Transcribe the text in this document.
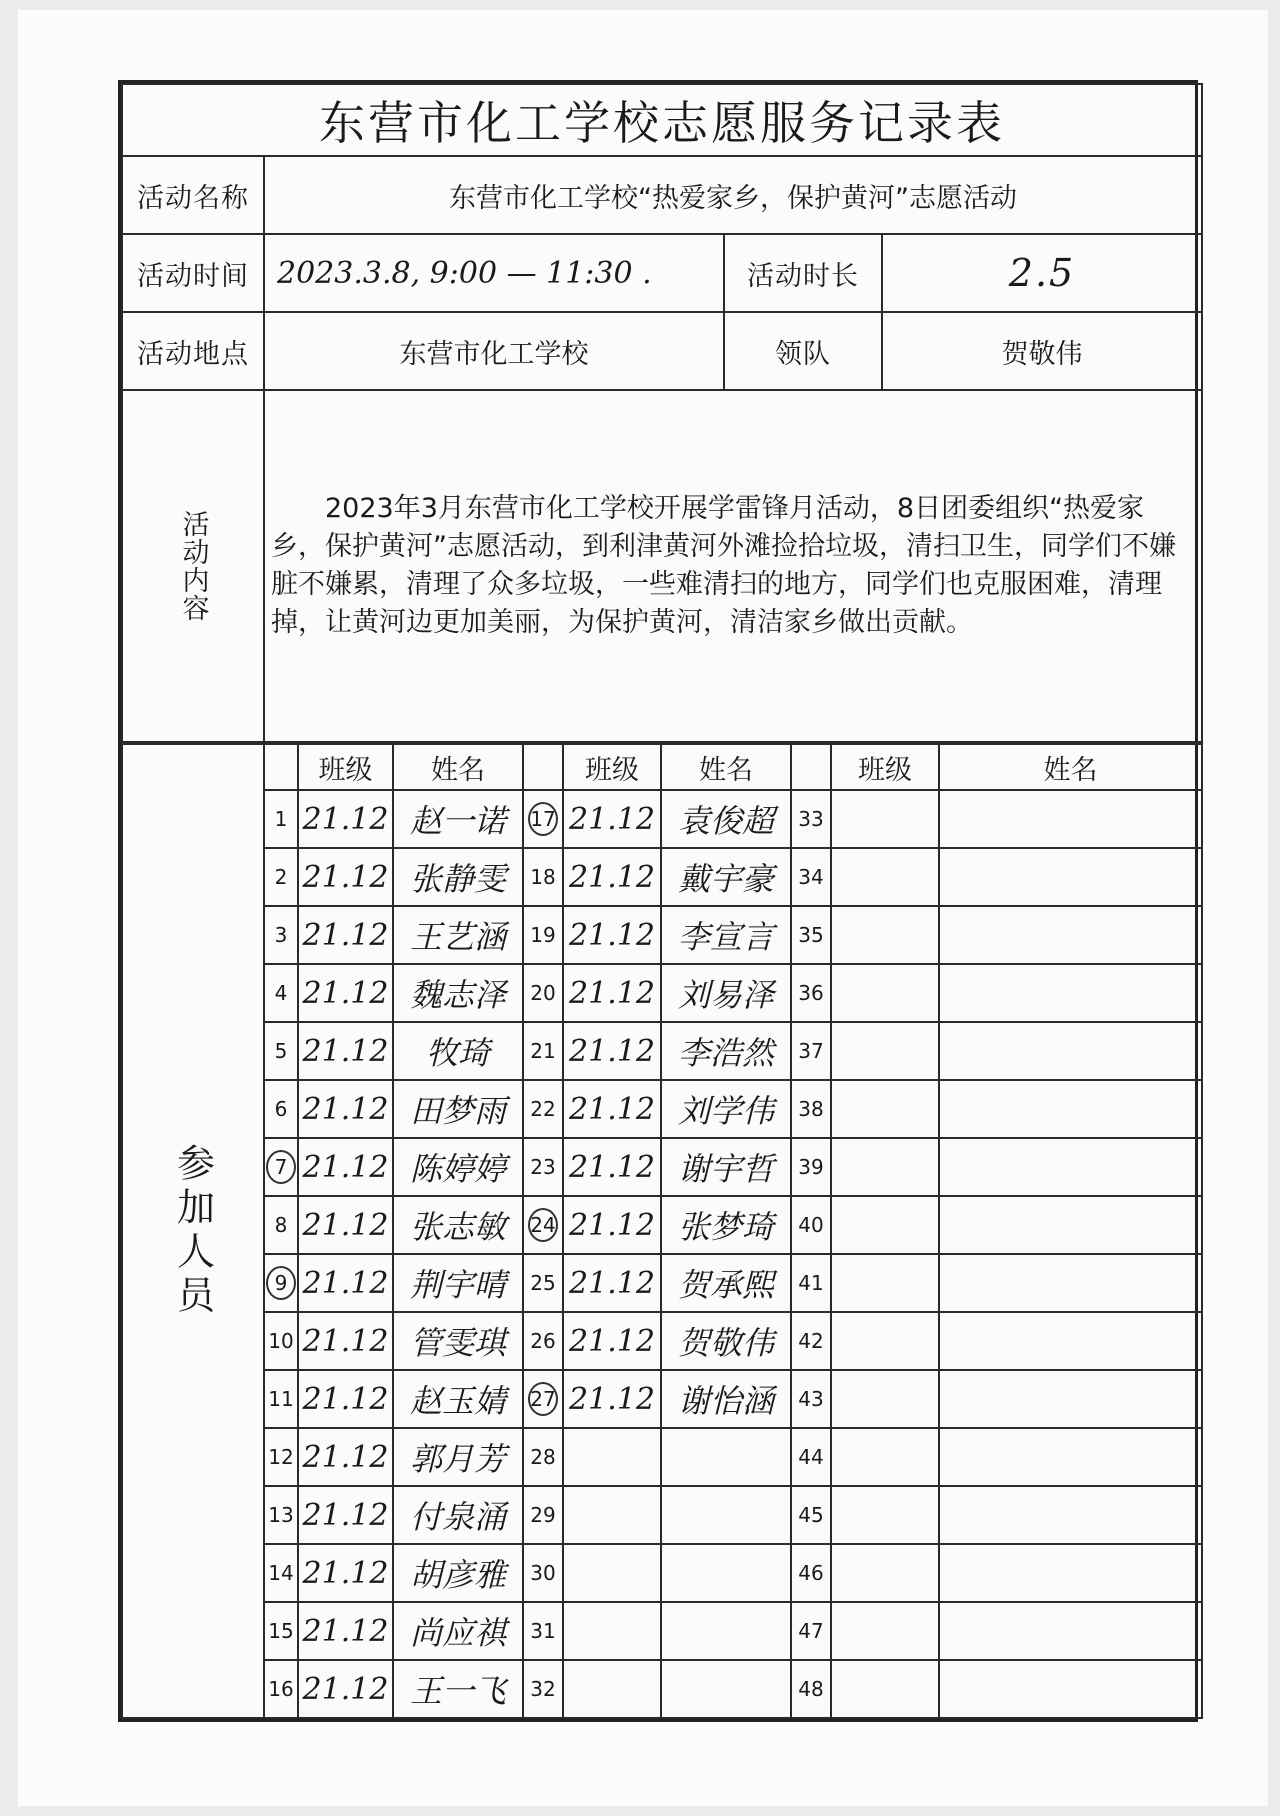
东营市化工学校志愿服务记录表			
活动名称	东营市化工学校“热爱家乡，保护黄河”志愿活动		
活动时间	2023.3.8, 9:00 — 11:30 .	活动时长	2.5
活动地点	东营市化工学校	领队	贺敬伟

活动内容	2023年3月东营市化工学校开展学雷锋月活动，8日团委组织“热爱家乡，保护黄河”志愿活动，到利津黄河外滩捡拾垃圾，清扫卫生，同学们不嫌脏不嫌累，清理了众多垃圾，一些难清扫的地方，同学们也克服困难，清理掉，让黄河边更加美丽，为保护黄河，清洁家乡做出贡献。		
参加人员		班级	姓名		班级	姓名		班级	姓名
	1	21.12	赵一诺	17	21.12	袁俊超	33		
	2	21.12	张静雯	18	21.12	戴宇豪	34		
	3	21.12	王艺涵	19	21.12	李宣言	35		
	4	21.12	魏志泽	20	21.12	刘易泽	36		
	5	21.12	牧琦	21	21.12	李浩然	37		
	6	21.12	田梦雨	22	21.12	刘学伟	38		
	7	21.12	陈婷婷	23	21.12	谢宇哲	39		
	8	21.12	张志敏	24	21.12	张梦琦	40		
	9	21.12	荆宇晴	25	21.12	贺承熙	41		
	10	21.12	管雯琪	26	21.12	贺敬伟	42		
	11	21.12	赵玉婧	27	21.12	谢怡涵	43		
	12	21.12	郭月芳	28			44		
	13	21.12	付泉涌	29			45		
	14	21.12	胡彦雅	30			46		
	15	21.12	尚应祺	31			47		
	16	21.12	王一飞	32			48		
